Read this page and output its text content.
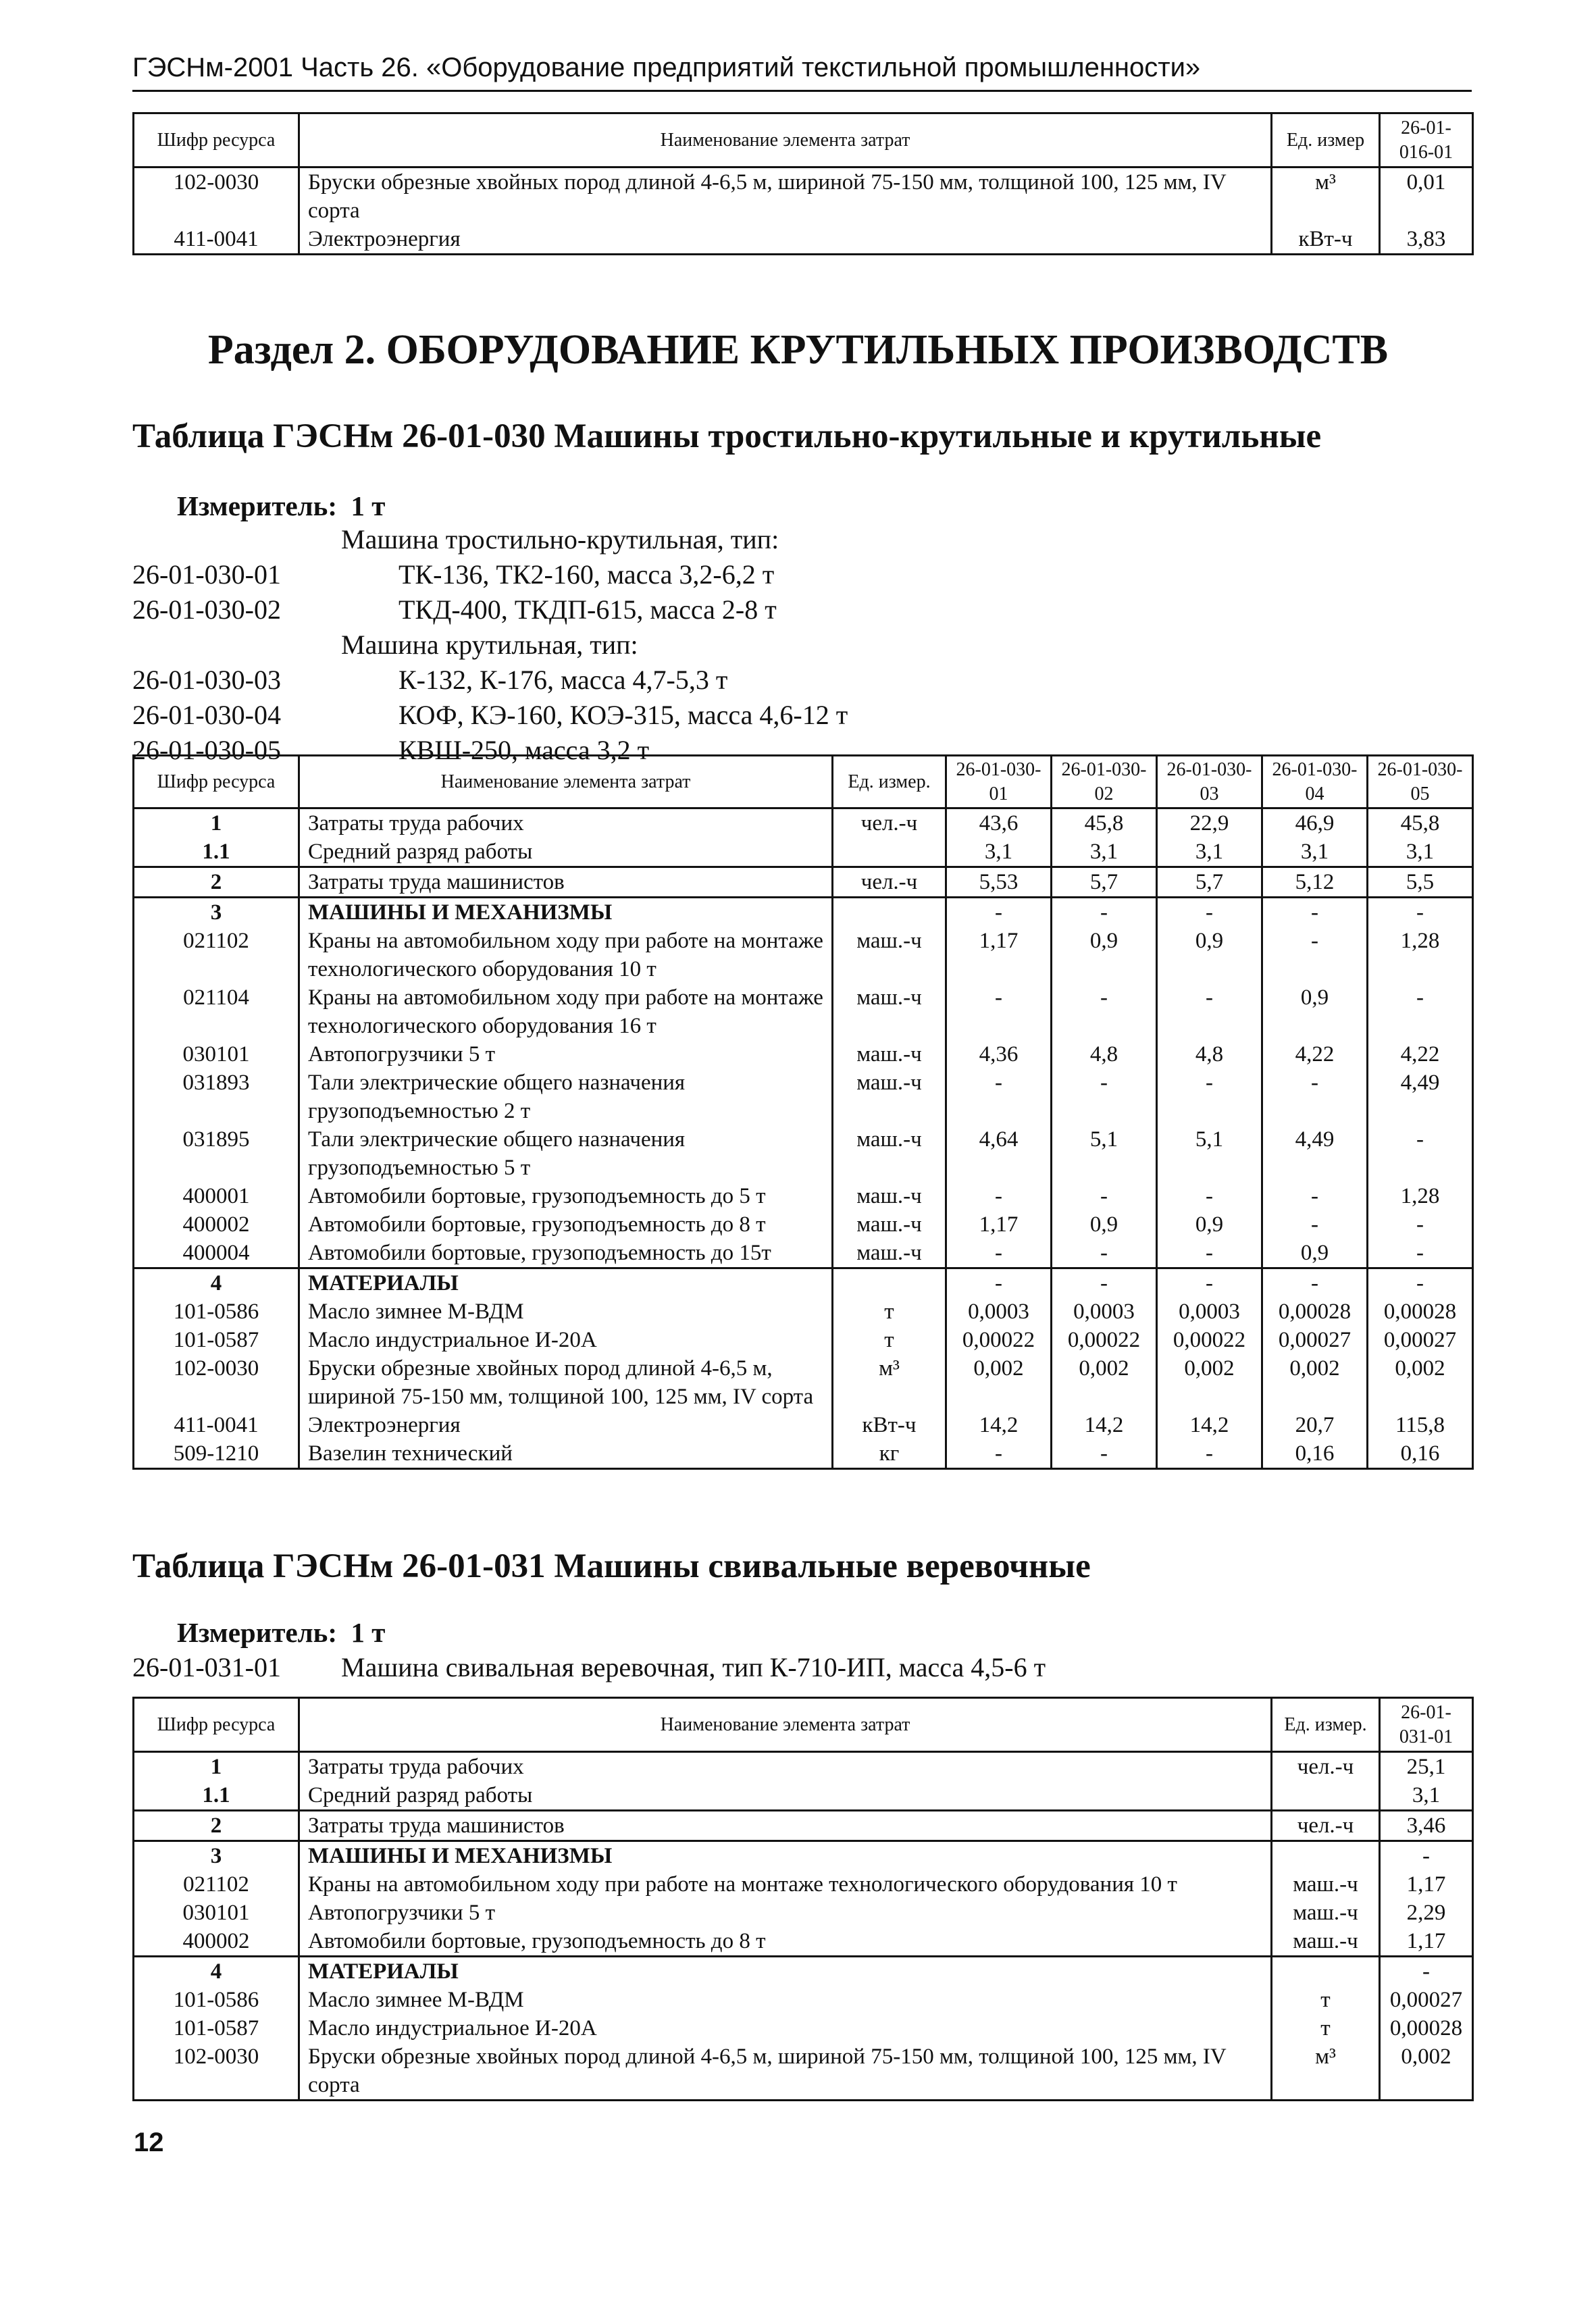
ГЭСНм-2001 Часть 26. «Оборудование предприятий текстильной промышленности»
Шифр ресурса	Наименование элемента затрат	Ед. измер	26-01-016-01
102-0030	Бруски обрезные хвойных пород длиной 4-6,5 м, шириной 75-150 мм, толщиной 100, 125 мм, IV сорта	м³	0,01
411-0041	Электроэнергия	кВт-ч	3,83
Раздел 2. ОБОРУДОВАНИЕ КРУТИЛЬНЫХ ПРОИЗВОДСТВ
Таблица ГЭСНм 26-01-030 Машины тростильно-крутильные и крутильные
Измеритель: 1 т
Машина тростильно-крутильная, тип:
26-01-030-01	ТК-136, ТК2-160, масса 3,2-6,2 т
26-01-030-02	ТКД-400, ТКДП-615, масса 2-8 т
Машина крутильная, тип:
26-01-030-03	К-132, К-176, масса 4,7-5,3 т
26-01-030-04	КОФ, КЭ-160, КОЭ-315, масса 4,6-12 т
26-01-030-05	КВШ-250, масса 3,2 т
Шифр ресурса	Наименование элемента затрат	Ед. измер.	26-01-030-01	26-01-030-02	26-01-030-03	26-01-030-04	26-01-030-05
1	Затраты труда рабочих	чел.-ч	43,6	45,8	22,9	46,9	45,8
1.1	Средний разряд работы		3,1	3,1	3,1	3,1	3,1
2	Затраты труда машинистов	чел.-ч	5,53	5,7	5,7	5,12	5,5
3	МАШИНЫ И МЕХАНИЗМЫ		-	-	-	-	-
021102	Краны на автомобильном ходу при работе на монтаже технологического оборудования 10 т	маш.-ч	1,17	0,9	0,9	-	1,28
021104	Краны на автомобильном ходу при работе на монтаже технологического оборудования 16 т	маш.-ч	-	-	-	0,9	-
030101	Автопогрузчики 5 т	маш.-ч	4,36	4,8	4,8	4,22	4,22
031893	Тали электрические общего назначения грузоподъемностью 2 т	маш.-ч	-	-	-	-	4,49
031895	Тали электрические общего назначения грузоподъемностью 5 т	маш.-ч	4,64	5,1	5,1	4,49	-
400001	Автомобили бортовые, грузоподъемность до 5 т	маш.-ч	-	-	-	-	1,28
400002	Автомобили бортовые, грузоподъемность до 8 т	маш.-ч	1,17	0,9	0,9	-	-
400004	Автомобили бортовые, грузоподъемность до 15т	маш.-ч	-	-	-	0,9	-
4	МАТЕРИАЛЫ		-	-	-	-	-
101-0586	Масло зимнее М-ВДМ	т	0,0003	0,0003	0,0003	0,00028	0,00028
101-0587	Масло индустриальное И-20А	т	0,00022	0,00022	0,00022	0,00027	0,00027
102-0030	Бруски обрезные хвойных пород длиной 4-6,5 м, шириной 75-150 мм, толщиной 100, 125 мм, IV сорта	м³	0,002	0,002	0,002	0,002	0,002
411-0041	Электроэнергия	кВт-ч	14,2	14,2	14,2	20,7	115,8
509-1210	Вазелин технический	кг	-	-	-	0,16	0,16
Таблица ГЭСНм 26-01-031 Машины свивальные веревочные
Измеритель: 1 т
26-01-031-01 Машина свивальная веревочная, тип К-710-ИП, масса 4,5-6 т
Шифр ресурса	Наименование элемента затрат	Ед. измер.	26-01-031-01
1	Затраты труда рабочих	чел.-ч	25,1
1.1	Средний разряд работы		3,1
2	Затраты труда машинистов	чел.-ч	3,46
3	МАШИНЫ И МЕХАНИЗМЫ		-
021102	Краны на автомобильном ходу при работе на монтаже технологического оборудования 10 т	маш.-ч	1,17
030101	Автопогрузчики 5 т	маш.-ч	2,29
400002	Автомобили бортовые, грузоподъемность до 8 т	маш.-ч	1,17
4	МАТЕРИАЛЫ		-
101-0586	Масло зимнее М-ВДМ	т	0,00027
101-0587	Масло индустриальное И-20А	т	0,00028
102-0030	Бруски обрезные хвойных пород длиной 4-6,5 м, шириной 75-150 мм, толщиной 100, 125 мм, IV сорта	м³	0,002
12
